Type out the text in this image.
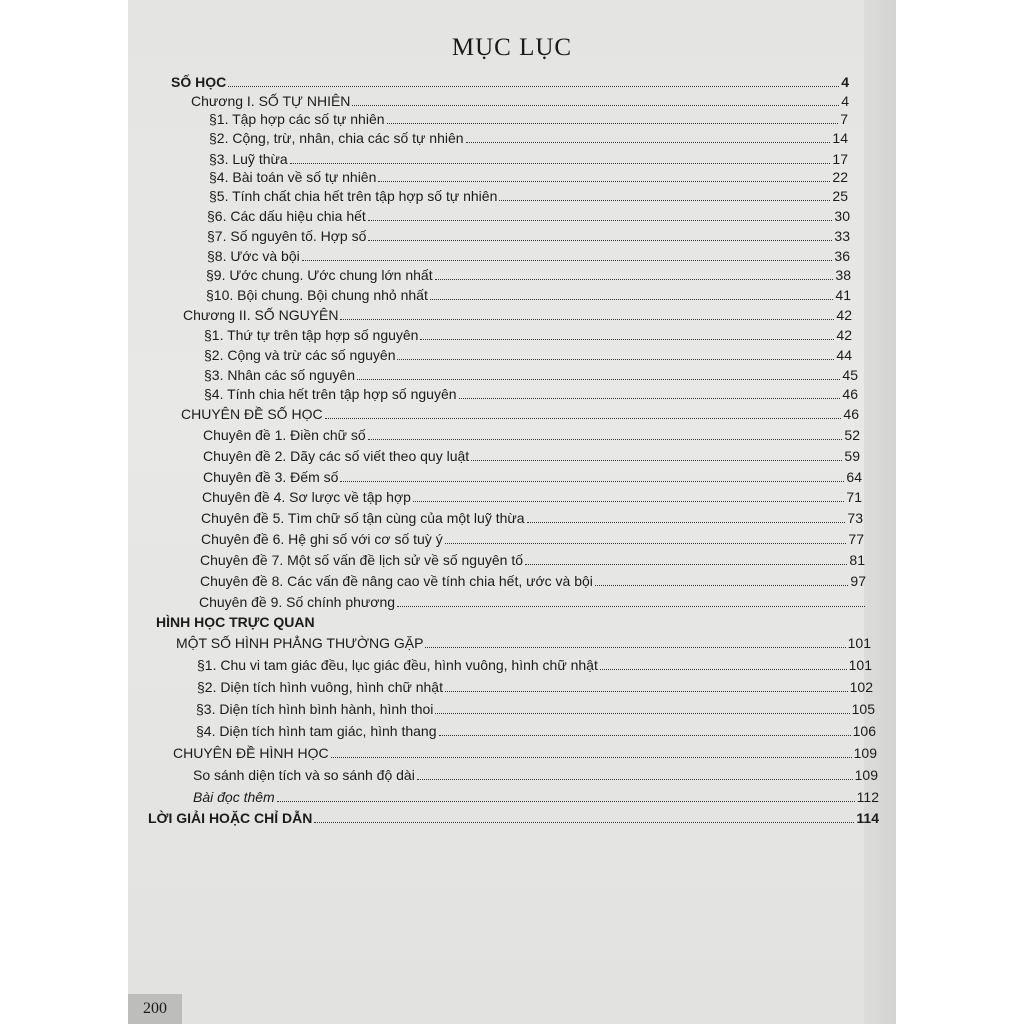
MỤC LỤC
SỐ HỌC	4
Chương I. SỐ TỰ NHIÊN	4
§1. Tập hợp các số tự nhiên	7
§2. Cộng, trừ, nhân, chia các số tự nhiên	14
§3. Luỹ thừa	17
§4. Bài toán về số tự nhiên	22
§5. Tính chất chia hết trên tập hợp số tự nhiên	25
§6. Các dấu hiệu chia hết	30
§7. Số nguyên tố. Hợp số	33
§8. Ước và bội	36
§9. Ước chung. Ước chung lớn nhất	38
§10. Bội chung. Bội chung nhỏ nhất	41
Chương II. SỐ NGUYÊN	42
§1. Thứ tự trên tập hợp số nguyên	42
§2. Cộng và trừ các số nguyên	44
§3. Nhân các số nguyên	45
§4. Tính chia hết trên tập hợp số nguyên	46
CHUYÊN ĐỀ SỐ HỌC	46
Chuyên đề 1. Điền chữ số	52
Chuyên đề 2. Dãy các số viết theo quy luật	59
Chuyên đề 3. Đếm số	64
Chuyên đề 4. Sơ lược về tập hợp	71
Chuyên đề 5. Tìm chữ số tận cùng của một luỹ thừa	73
Chuyên đề 6. Hệ ghi số với cơ số tuỳ ý	77
Chuyên đề 7. Một số vấn đề lịch sử về số nguyên tố	81
Chuyên đề 8. Các vấn đề nâng cao về tính chia hết, ước và bội	97
Chuyên đề 9. Số chính phương
HÌNH HỌC TRỰC QUAN
MỘT SỐ HÌNH PHẲNG THƯỜNG GẶP	101
§1. Chu vi tam giác đều, lục giác đều, hình vuông, hình chữ nhật	101
§2. Diện tích hình vuông, hình chữ nhật	102
§3. Diện tích hình bình hành, hình thoi	105
§4. Diện tích hình tam giác, hình thang	106
CHUYÊN ĐỀ HÌNH HỌC	109
So sánh diện tích và so sánh độ dài	109
Bài đọc thêm	112
LỜI GIẢI HOẶC CHỈ DẪN	114
200
